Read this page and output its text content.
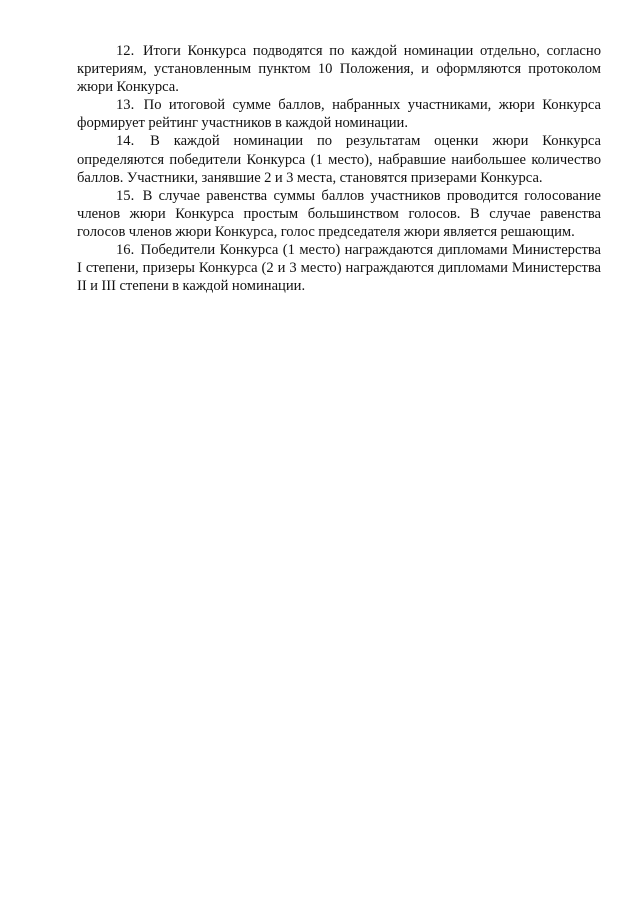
12. Итоги Конкурса подводятся по каждой номинации отдельно, согласно критериям, установленным пунктом 10 Положения, и оформляются протоколом жюри Конкурса.

13. По итоговой сумме баллов, набранных участниками, жюри Конкурса формирует рейтинг участников в каждой номинации.

14. В каждой номинации по результатам оценки жюри Конкурса определяются победители Конкурса (1 место), набравшие наибольшее количество баллов. Участники, занявшие 2 и 3 места, становятся призерами Конкурса.

15. В случае равенства суммы баллов участников проводится голосование членов жюри Конкурса простым большинством голосов. В случае равенства голосов членов жюри Конкурса, голос председателя жюри является решающим.

16. Победители Конкурса (1 место) награждаются дипломами Министерства I степени, призеры Конкурса (2 и 3 место) награждаются дипломами Министерства II и III степени в каждой номинации.
